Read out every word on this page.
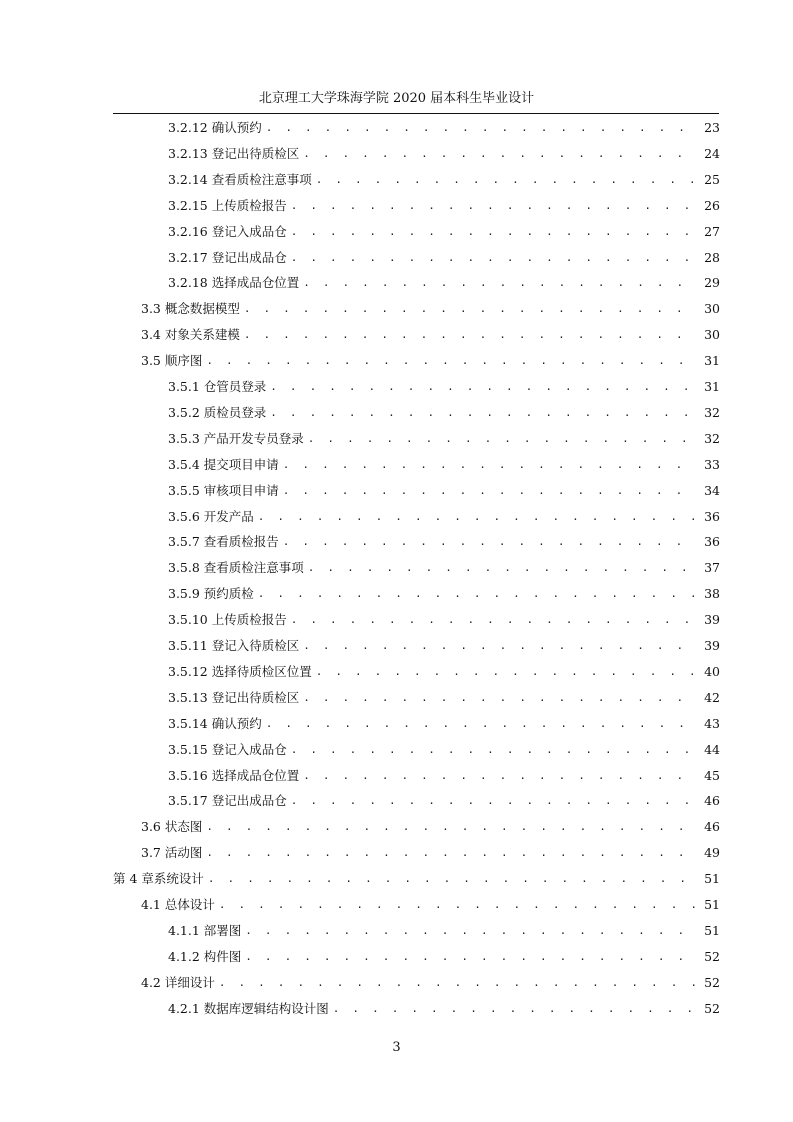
北京理工大学珠海学院 2020 届本科生毕业设计
3.2.12 确认预约 . . .	23
3.2.13 登记出待质检区 . . .	24
3.2.14 查看质检注意事项 . . .	25
3.2.15 上传质检报告 . . .	26
3.2.16 登记入成品仓 . . .	27
3.2.17 登记出成品仓 . . .	28
3.2.18 选择成品仓位置 . . .	29
3.3 概念数据模型 . . .	30
3.4 对象关系建模 . . .	30
3.5 顺序图 . . .	31
3.5.1 仓管员登录 . . .	31
3.5.2 质检员登录 . . .	32
3.5.3 产品开发专员登录 . . .	32
3.5.4 提交项目申请 . . .	33
3.5.5 审核项目申请 . . .	34
3.5.6 开发产品 . . .	36
3.5.7 查看质检报告 . . .	36
3.5.8 查看质检注意事项 . . .	37
3.5.9 预约质检 . . .	38
3.5.10 上传质检报告 . . .	39
3.5.11 登记入待质检区 . . .	39
3.5.12 选择待质检区位置 . . .	40
3.5.13 登记出待质检区 . . .	42
3.5.14 确认预约 . . .	43
3.5.15 登记入成品仓 . . .	44
3.5.16 选择成品仓位置 . . .	45
3.5.17 登记出成品仓 . . .	46
3.6 状态图 . . .	46
3.7 活动图 . . .	49
第 4 章系统设计 . . .	51
4.1 总体设计 . . .	51
4.1.1 部署图 . . .	51
4.1.2 构件图 . . .	52
4.2 详细设计 . . .	52
4.2.1 数据库逻辑结构设计图 . . .	52
3
